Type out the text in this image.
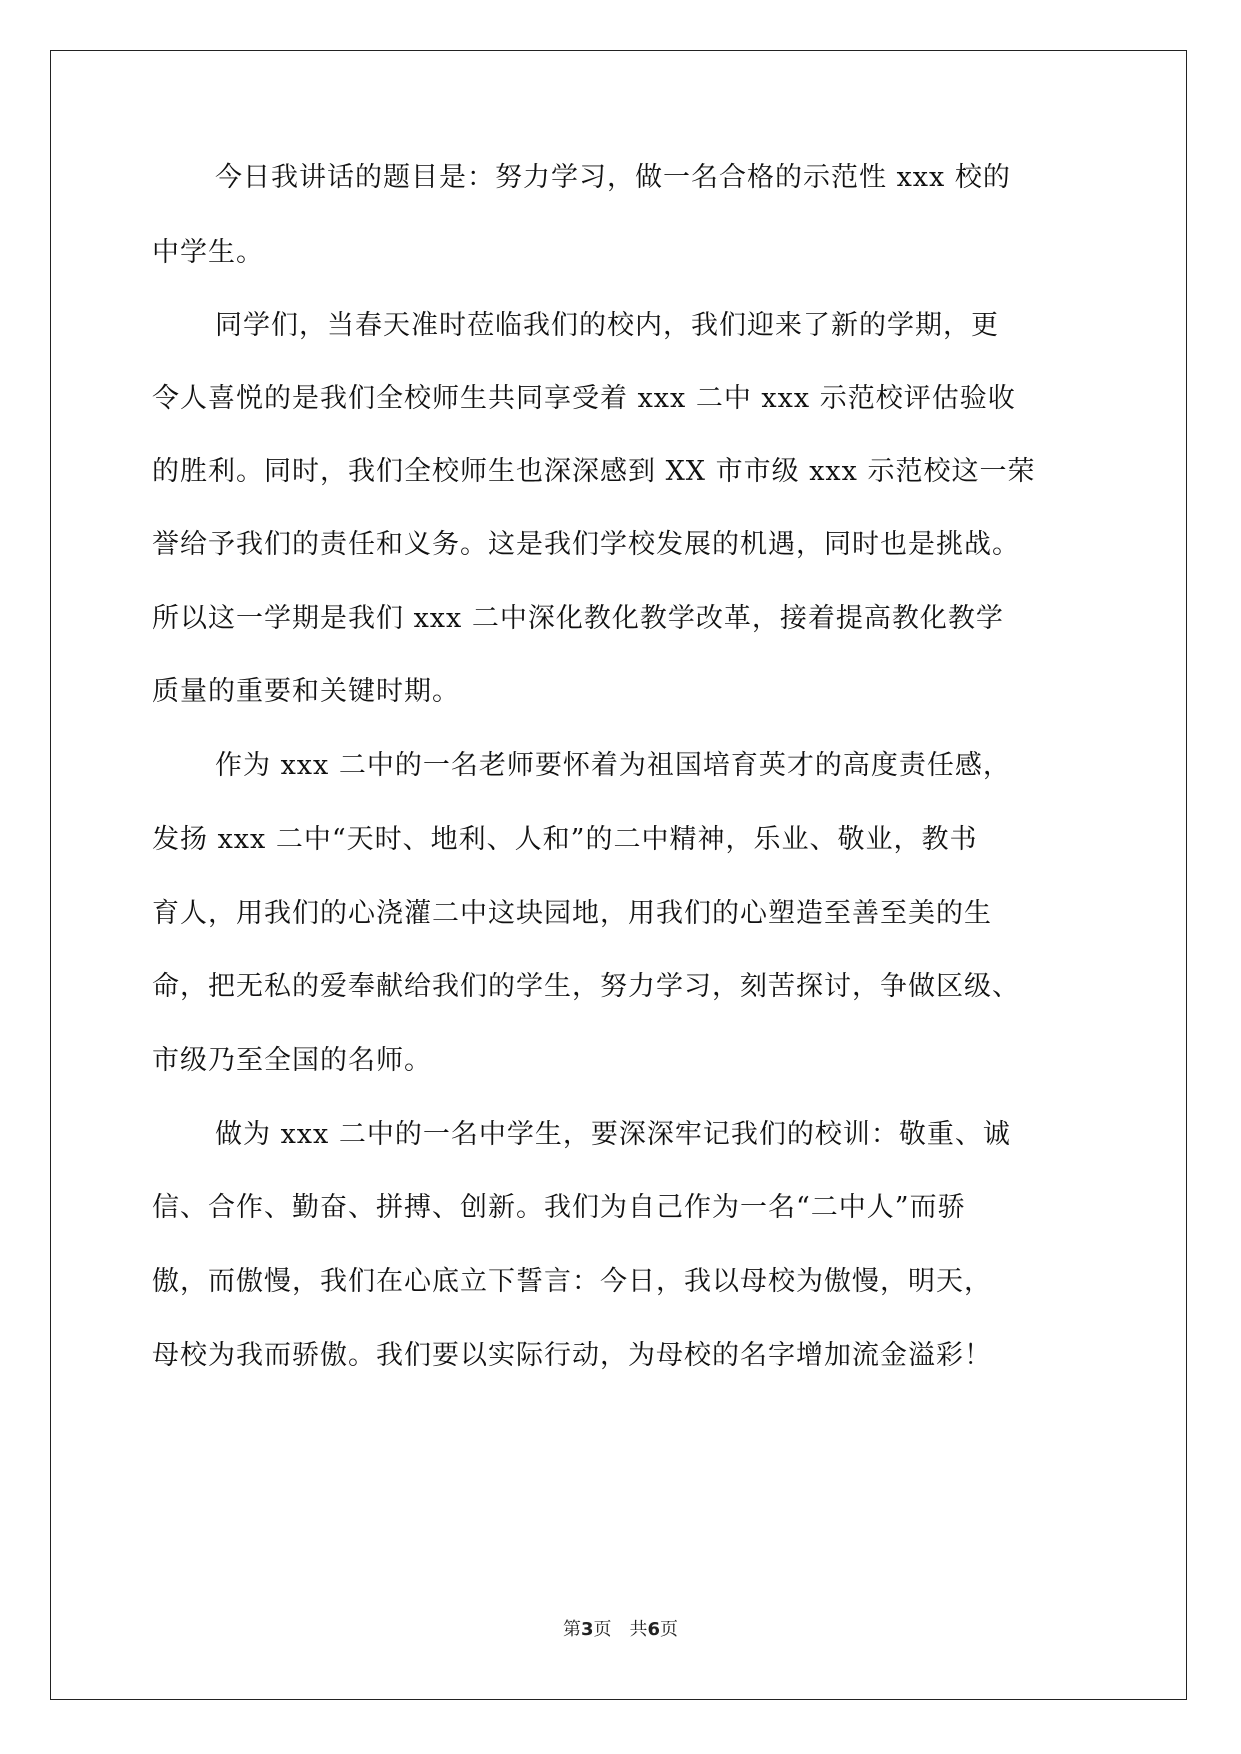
今日我讲话的题目是：努力学习，做一名合格的示范性 xxx 校的
中学生。
同学们，当春天准时莅临我们的校内，我们迎来了新的学期，更
令人喜悦的是我们全校师生共同享受着 xxx 二中 xxx 示范校评估验收
的胜利。同时，我们全校师生也深深感到 XX 市市级 xxx 示范校这一荣
誉给予我们的责任和义务。这是我们学校发展的机遇，同时也是挑战。
所以这一学期是我们 xxx 二中深化教化教学改革，接着提高教化教学
质量的重要和关键时期。
作为 xxx 二中的一名老师要怀着为祖国培育英才的高度责任感，
发扬 xxx 二中“天时、地利、人和”的二中精神，乐业、敬业，教书
育人，用我们的心浇灌二中这块园地，用我们的心塑造至善至美的生
命，把无私的爱奉献给我们的学生，努力学习，刻苦探讨，争做区级、
市级乃至全国的名师。
做为 xxx 二中的一名中学生，要深深牢记我们的校训：敬重、诚
信、合作、勤奋、拼搏、创新。我们为自己作为一名“二中人”而骄
傲，而傲慢，我们在心底立下誓言：今日，我以母校为傲慢，明天，
母校为我而骄傲。我们要以实际行动，为母校的名字增加流金溢彩！
第3页 共6页
